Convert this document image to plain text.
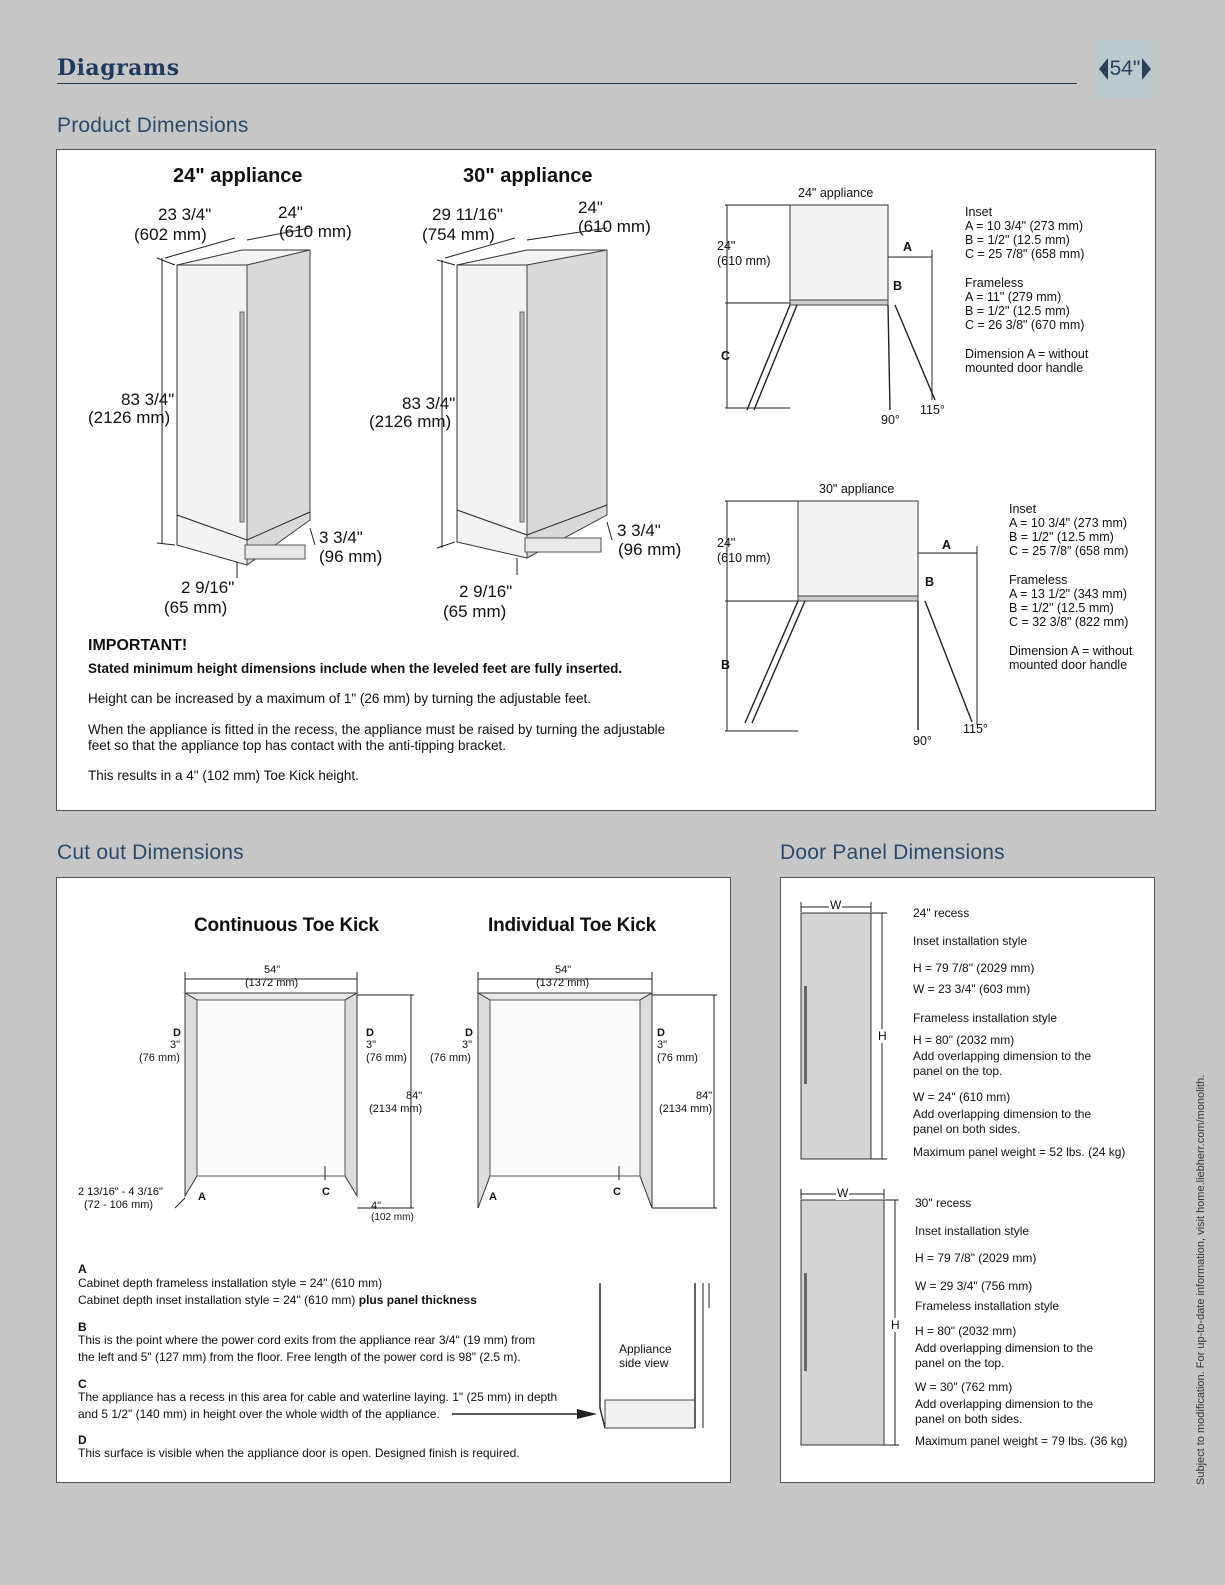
Diagrams	54"
Subject to modification. For up-to-date information, visit home.liebherr.com/monolith.
Product Dimensions
24" appliance
23 3/4"
(602 mm)
24"
(610 mm)
83 3/4"
(2126 mm)
3 3/4"
(96 mm)
2 9/16"
(65 mm)
30" appliance
29 11/16"
(754 mm)
24"
(610 mm)
83 3/4"
(2126 mm)
3 3/4"
(96 mm)
2 9/16"
(65 mm)
24" appliance
24"
(610 mm)
A
B
C
90°
115°
Inset
A = 10 3/4" (273 mm)
B = 1/2" (12.5 mm)
C = 25 7/8" (658 mm)
Frameless
A = 11" (279 mm)
B = 1/2" (12.5 mm)
C = 26 3/8" (670 mm)
Dimension A = without
mounted door handle
30" appliance
24"
(610 mm)
A
B
B
90°
115°
Inset
A = 10 3/4" (273 mm)
B = 1/2" (12.5 mm)
C = 25 7/8" (658 mm)
Frameless
A = 13 1/2" (343 mm)
B = 1/2" (12.5 mm)
C = 32 3/8" (822 mm)
Dimension A = without
mounted door handle
IMPORTANT!
Stated minimum height dimensions include when the leveled feet are fully inserted.
Height can be increased by a maximum of 1" (26 mm) by turning the adjustable feet.
When the appliance is fitted in the recess, the appliance must be raised by turning the adjustable
feet so that the appliance top has contact with the anti-tipping bracket.
This results in a 4" (102 mm) Toe Kick height.
Cut out Dimensions
Continuous Toe Kick
54"
(1372 mm)
D
3"
(76 mm)
D
3"
(76 mm)
84"
(2134 mm)
2 13/16" - 4 3/16"
(72 - 106 mm)
A	C
4"
(102 mm)
Individual Toe Kick
54"
(1372 mm)
D
3"
(76 mm)
D
3"
(76 mm)
84"
(2134 mm)
A	C
A
Cabinet depth frameless installation style = 24" (610 mm)
Cabinet depth inset installation style = 24" (610 mm) plus panel thickness
B
This is the point where the power cord exits from the appliance rear 3/4" (19 mm) from
the left and 5" (127 mm) from the floor. Free length of the power cord is 98" (2.5 m).
C
The appliance has a recess in this area for cable and waterline laying. 1" (25 mm) in depth
and 5 1/2" (140 mm) in height over the whole width of the appliance.
D
This surface is visible when the appliance door is open. Designed finish is required.
Appliance
side view
Door Panel Dimensions
W
H
24" recess
Inset installation style
H = 79 7/8" (2029 mm)
W = 23 3/4" (603 mm)
Frameless installation style
H = 80" (2032 mm)
Add overlapping dimension to the
panel on the top.
W = 24" (610 mm)
Add overlapping dimension to the
panel on both sides.
Maximum panel weight = 52 lbs. (24 kg)
W
H
30" recess
Inset installation style
H = 79 7/8" (2029 mm)
W = 29 3/4" (756 mm)
Frameless installation style
H = 80" (2032 mm)
Add overlapping dimension to the
panel on the top.
W = 30" (762 mm)
Add overlapping dimension to the
panel on both sides.
Maximum panel weight = 79 lbs. (36 kg)
